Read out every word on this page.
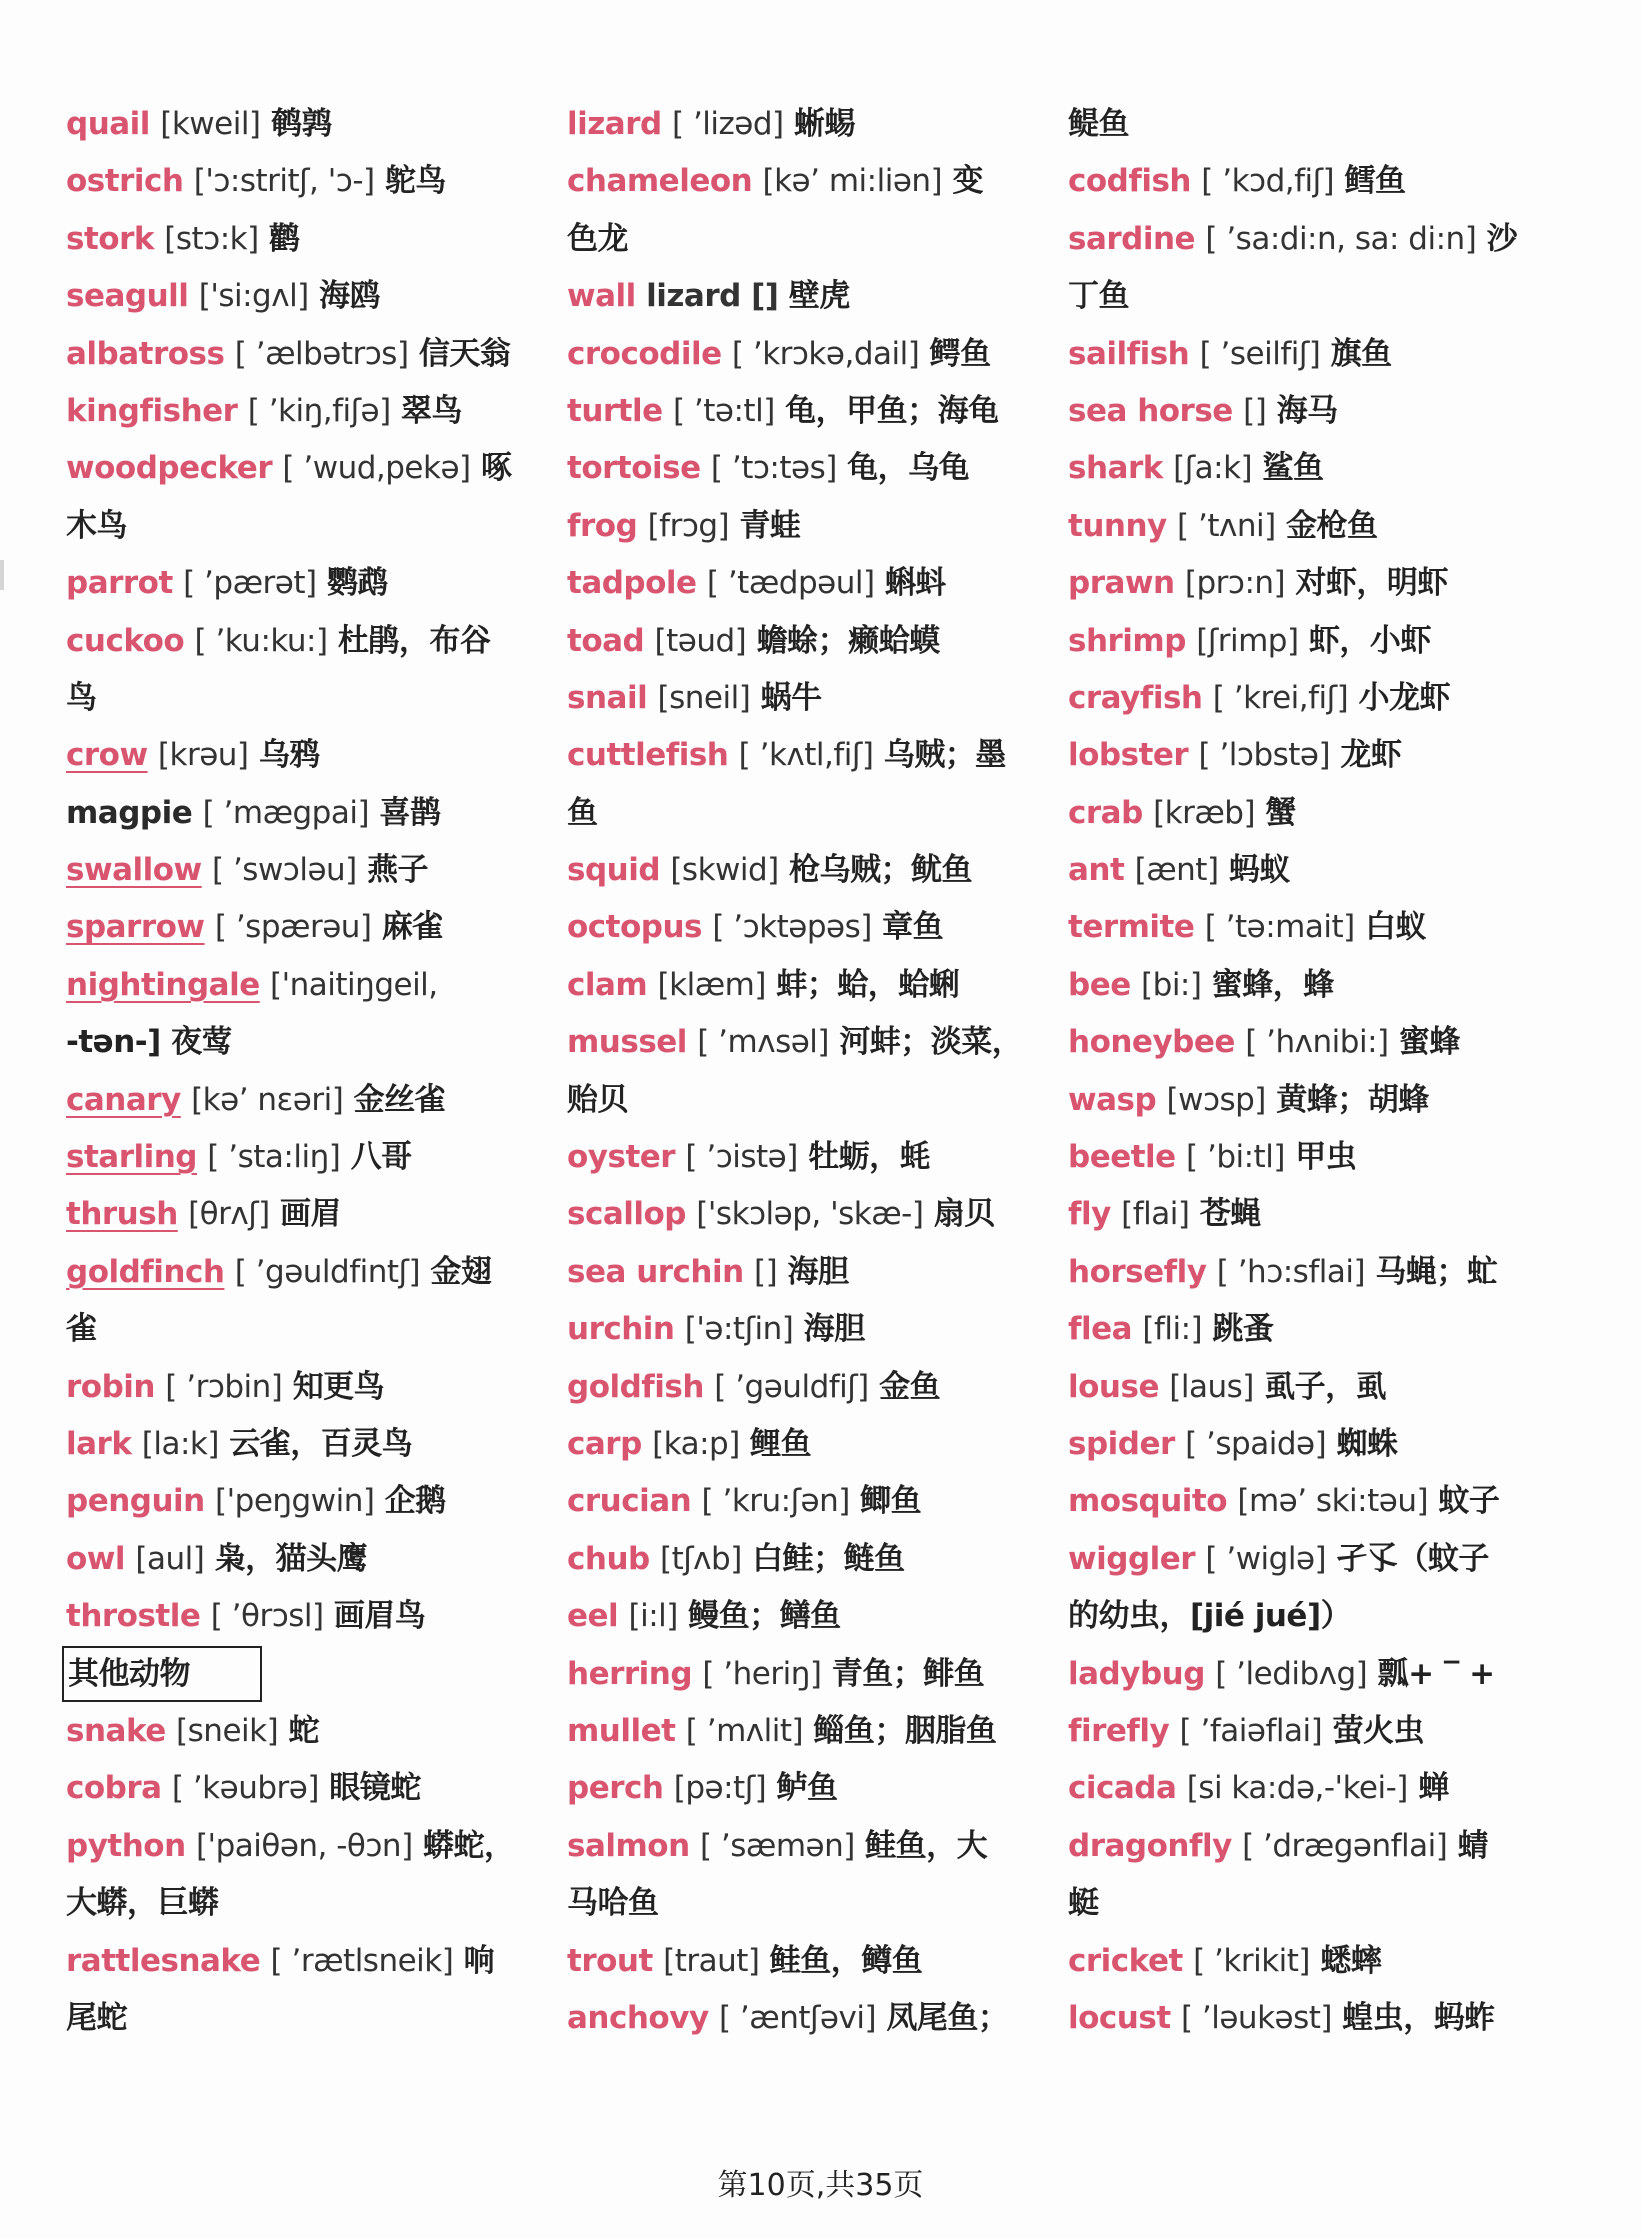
quail [kweil] 鹌鹑
ostrich ['ɔ:stritʃ, 'ɔ-] 鸵鸟
stork [stɔ:k] 鹳
seagull ['si:gʌl] 海鸥
albatross [ ’ælbətrɔs] 信天翁
kingfisher [ ’kiŋ,fiʃə] 翠鸟
woodpecker [ ’wud,pekə] 啄
木鸟
parrot [ ’pærət] 鹦鹉
cuckoo [ ’ku:ku:] 杜鹃，布谷
鸟
crow [krəu] 乌鸦
magpie [ ’mægpai] 喜鹊
swallow [ ’swɔləu] 燕子
sparrow [ ’spærəu] 麻雀
nightingale ['naitiŋgeil,
-tən-] 夜莺
canary [kə’ nεəri] 金丝雀
starling [ ’sta:liŋ] 八哥
thrush [θrʌʃ] 画眉
goldfinch [ ’gəuldfintʃ] 金翅
雀
robin [ ’rɔbin] 知更鸟
lark [la:k] 云雀，百灵鸟
penguin ['peŋgwin] 企鹅
owl [aul] 枭，猫头鹰
throstle [ ’θrɔsl] 画眉鸟
其他动物
snake [sneik] 蛇
cobra [ ’kəubrə] 眼镜蛇
python ['paiθən, -θɔn] 蟒蛇，
大蟒，巨蟒
rattlesnake [ ’rætlsneik] 响
尾蛇
lizard [ ’lizəd] 蜥蜴
chameleon [kə’ mi:liən] 变
色龙
wall lizard [] 壁虎
crocodile [ ’krɔkə,dail] 鳄鱼
turtle [ ’tə:tl] 龟，甲鱼；海龟
tortoise [ ’tɔ:təs] 龟，乌龟
frog [frɔg] 青蛙
tadpole [ ’tædpəul] 蝌蚪
toad [təud] 蟾蜍；癞蛤蟆
snail [sneil] 蜗牛
cuttlefish [ ’kʌtl,fiʃ] 乌贼；墨
鱼
squid [skwid] 枪乌贼；鱿鱼
octopus [ ’ɔktəpəs] 章鱼
clam [klæm] 蚌；蛤，蛤蜊
mussel [ ’mʌsəl] 河蚌；淡菜，
贻贝
oyster [ ’ɔistə] 牡蛎，蚝
scallop ['skɔləp, 'skæ-] 扇贝
sea urchin [] 海胆
urchin ['ə:tʃin] 海胆
goldfish [ ’gəuldfiʃ] 金鱼
carp [ka:p] 鲤鱼
crucian [ ’kru:ʃən] 鲫鱼
chub [tʃʌb] 白鲑；鲢鱼
eel [i:l] 鳗鱼；鳝鱼
herring [ ’heriŋ] 青鱼；鲱鱼
mullet [ ’mʌlit] 鲻鱼；胭脂鱼
perch [pə:tʃ] 鲈鱼
salmon [ ’sæmən] 鲑鱼，大
马哈鱼
trout [traut] 鲑鱼，鳟鱼
anchovy [ ’æntʃəvi] 凤尾鱼；
鳀鱼
codfish [ ’kɔd,fiʃ] 鳕鱼
sardine [ ’sa:di:n, sa: di:n] 沙
丁鱼
sailfish [ ’seilfiʃ] 旗鱼
sea horse [] 海马
shark [ʃa:k] 鲨鱼
tunny [ ’tʌni] 金枪鱼
prawn [prɔ:n] 对虾，明虾
shrimp [ʃrimp] 虾，小虾
crayfish [ ’krei,fiʃ] 小龙虾
lobster [ ’lɔbstə] 龙虾
crab [kræb] 蟹
ant [ænt] 蚂蚁
termite [ ’tə:mait] 白蚁
bee [bi:] 蜜蜂，蜂
honeybee [ ’hʌnibi:] 蜜蜂
wasp [wɔsp] 黄蜂；胡蜂
beetle [ ’bi:tl] 甲虫
fly [flai] 苍蝇
horsefly [ ’hɔ:sflai] 马蝇；虻
flea [fli:] 跳蚤
louse [laus] 虱子，虱
spider [ ’spaidə] 蜘蛛
mosquito [mə’ ski:təu] 蚊子
wiggler [ ’wiglə] 孑孓（蚊子
的幼虫，[jié jué]）
ladybug [ ’ledibʌg] 瓢+ ‾ +
firefly [ ’faiəflai] 萤火虫
cicada [si ka:də,-'kei-] 蝉
dragonfly [ ’drægənflai] 蜻
蜓
cricket [ ’krikit] 蟋蟀
locust [ ’ləukəst] 蝗虫，蚂蚱
第10页,共35页
